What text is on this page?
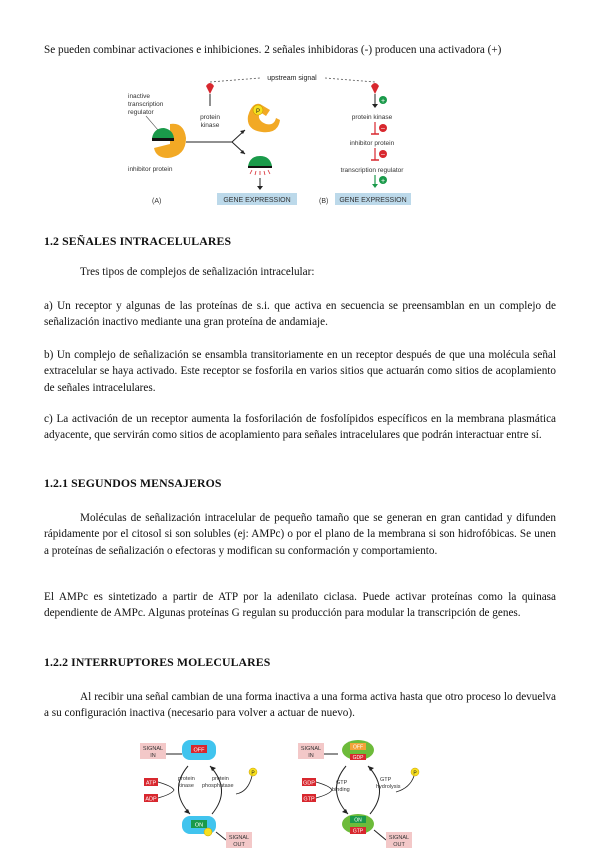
Se pueden combinar activaciones e inhibiciones. 2 señales inhibidoras (-) producen una activadora (+)

upstream signal
protein
kinase
P
inactive
transcription
regulator
inhibitor protein
(A)	GENE EXPRESSION
+
protein kinase
–
inhibitor protein
–
transcription regulator
+
(B) GENE EXPRESSION

1.2 SEÑALES INTRACELULARES

Tres tipos de complejos de señalización intracelular:

a) Un receptor y algunas de las proteínas de s.i. que activa en secuencia se preensamblan en un complejo de señalización inactivo mediante una gran proteína de andamiaje.

b) Un complejo de señalización se ensambla transitoriamente en un receptor después de que una molécula señal extracelular se haya activado. Este receptor se fosforila en varios sitios que actuarán como sitios de acoplamiento de señales intracelulares.

c) La activación de un receptor aumenta la fosforilación de fosfolípidos específicos en la membrana plasmática adyacente, que servirán como sitios de acoplamiento para señales intracelulares que podrán interactuar entre sí.

1.2.1 SEGUNDOS MENSAJEROS

Moléculas de señalización intracelular de pequeño tamaño que se generan en gran cantidad y difunden rápidamente por el citosol si son solubles (ej: AMPc) o por el plano de la membrana si son hidrofóbicas. Se unen a proteínas de señalización o efectoras y modifican su conformación y comportamiento.

El AMPc es sintetizado a partir de ATP por la adenilato ciclasa. Puede activar proteínas como la quinasa dependiente de AMPc. Algunas proteínas G regulan su producción para modular la transcripción de genes.

1.2.2 INTERRUPTORES MOLECULARES

Al recibir una señal cambian de una forma inactiva a una forma activa hasta que otro proceso lo devuelva a su configuración inactiva (necesario para volver a actuar de nuevo).

SIGNAL
IN
OFF
ATP
ADP
protein
kinase
protein
phosphatase
P
ON
SIGNAL
OUT
SIGNAL
IN
OFF
GDP
GDP
GTP
GTP
binding
GTP
hydrolysis
P
ON
GTP
SIGNAL
OUT
